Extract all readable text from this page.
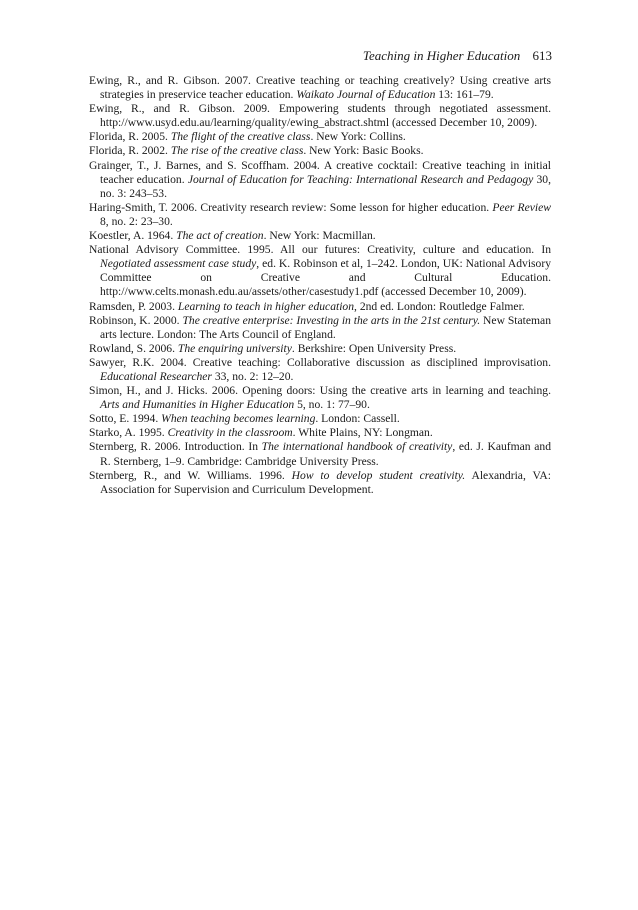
Teaching in Higher Education 613
Ewing, R., and R. Gibson. 2007. Creative teaching or teaching creatively? Using creative arts strategies in preservice teacher education. Waikato Journal of Education 13: 161–79.
Ewing, R., and R. Gibson. 2009. Empowering students through negotiated assessment. http://www.usyd.edu.au/learning/quality/ewing_abstract.shtml (accessed December 10, 2009).
Florida, R. 2005. The flight of the creative class. New York: Collins.
Florida, R. 2002. The rise of the creative class. New York: Basic Books.
Grainger, T., J. Barnes, and S. Scoffham. 2004. A creative cocktail: Creative teaching in initial teacher education. Journal of Education for Teaching: International Research and Pedagogy 30, no. 3: 243–53.
Haring-Smith, T. 2006. Creativity research review: Some lesson for higher education. Peer Review 8, no. 2: 23–30.
Koestler, A. 1964. The act of creation. New York: Macmillan.
National Advisory Committee. 1995. All our futures: Creativity, culture and education. In Negotiated assessment case study, ed. K. Robinson et al, 1–242. London, UK: National Advisory Committee on Creative and Cultural Education. http://www.celts.monash.edu.au/assets/other/casestudy1.pdf (accessed December 10, 2009).
Ramsden, P. 2003. Learning to teach in higher education, 2nd ed. London: Routledge Falmer.
Robinson, K. 2000. The creative enterprise: Investing in the arts in the 21st century. New Stateman arts lecture. London: The Arts Council of England.
Rowland, S. 2006. The enquiring university. Berkshire: Open University Press.
Sawyer, R.K. 2004. Creative teaching: Collaborative discussion as disciplined improvisation. Educational Researcher 33, no. 2: 12–20.
Simon, H., and J. Hicks. 2006. Opening doors: Using the creative arts in learning and teaching. Arts and Humanities in Higher Education 5, no. 1: 77–90.
Sotto, E. 1994. When teaching becomes learning. London: Cassell.
Starko, A. 1995. Creativity in the classroom. White Plains, NY: Longman.
Sternberg, R. 2006. Introduction. In The international handbook of creativity, ed. J. Kaufman and R. Sternberg, 1–9. Cambridge: Cambridge University Press.
Sternberg, R., and W. Williams. 1996. How to develop student creativity. Alexandria, VA: Association for Supervision and Curriculum Development.
